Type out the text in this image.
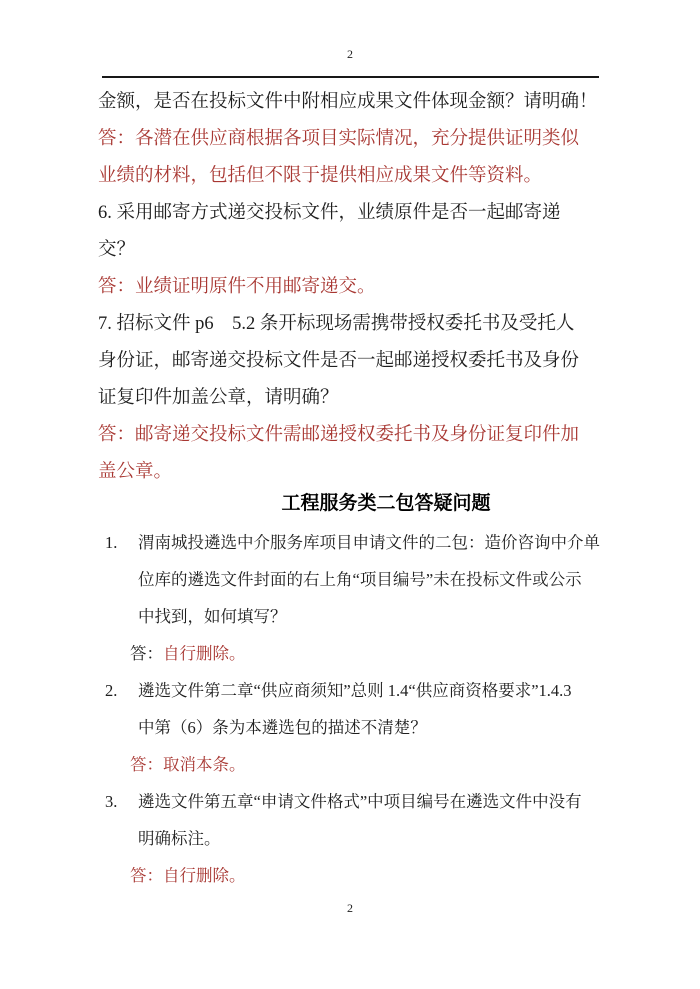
2
金额，是否在投标文件中附相应成果文件体现金额？请明确！
答：各潜在供应商根据各项目实际情况，充分提供证明类似
业绩的材料，包括但不限于提供相应成果文件等资料。
6. 采用邮寄方式递交投标文件，业绩原件是否一起邮寄递
交？
答：业绩证明原件不用邮寄递交。
7. 招标文件 p6　5.2 条开标现场需携带授权委托书及受托人
身份证，邮寄递交投标文件是否一起邮递授权委托书及身份
证复印件加盖公章，请明确？
答：邮寄递交投标文件需邮递授权委托书及身份证复印件加
盖公章。
工程服务类二包答疑问题
1.	渭南城投遴选中介服务库项目申请文件的二包：造价咨询中介单
位库的遴选文件封面的右上角“项目编号”未在投标文件或公示
中找到，如何填写？

答：自行删除。

2.	遴选文件第二章“供应商须知”总则 1.4“供应商资格要求”1.4.3
中第（6）条为本遴选包的描述不清楚？

答：取消本条。

3.	遴选文件第五章“申请文件格式”中项目编号在遴选文件中没有
明确标注。

答：自行删除。

2
